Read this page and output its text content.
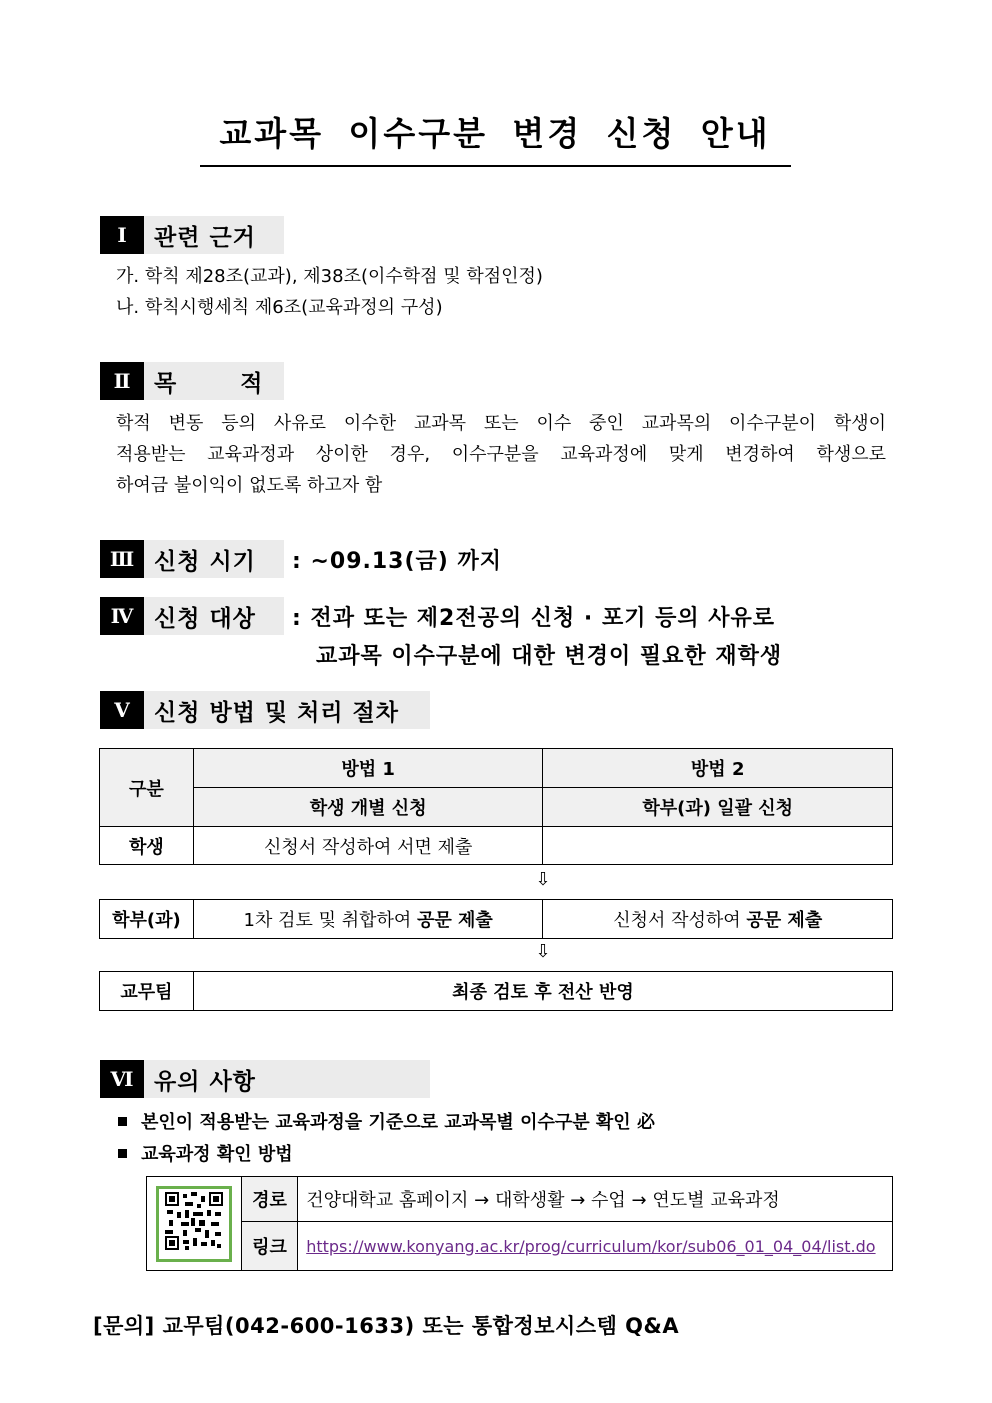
교과목 이수구분 변경 신청 안내
Ⅰ	관련 근거
가. 학칙 제28조(교과), 제38조(이수학점 및 학점인정)
나. 학칙시행세칙 제6조(교육과정의 구성)
Ⅱ	목       적
학적 변동 등의 사유로 이수한 교과목 또는 이수 중인 교과목의 이수구분이 학생이
적용받는 교육과정과 상이한 경우, 이수구분을 교육과정에 맞게 변경하여 학생으로
하여금 불이익이 없도록 하고자 함
Ⅲ 신청 시기	: ~09.13(금) 까지
Ⅳ 신청 대상	: 전과 또는 제2전공의 신청 · 포기 등의 사유로
교과목 이수구분에 대한 변경이 필요한 재학생
Ⅴ	신청 방법 및 처리 절차
구분	방법 1	방법 2
	학생 개별 신청	학부(과) 일괄 신청
학생	신청서 작성하여 서면 제출	
⇩
학부(과)	1차 검토 및 취합하여 공문 제출	신청서 작성하여 공문 제출
⇩
교무팀	최종 검토 후 전산 반영
Ⅵ 유의 사항
본인이 적용받는 교육과정을 기준으로 교과목별 이수구분 확인 必
교육과정 확인 방법
	경로	건양대학교 홈페이지 → 대학생활 → 수업 → 연도별 교육과정
	링크	https://www.konyang.ac.kr/prog/curriculum/kor/sub06_01_04_04/list.do
[문의] 교무팀(042-600-1633) 또는 통합정보시스템 Q&A
